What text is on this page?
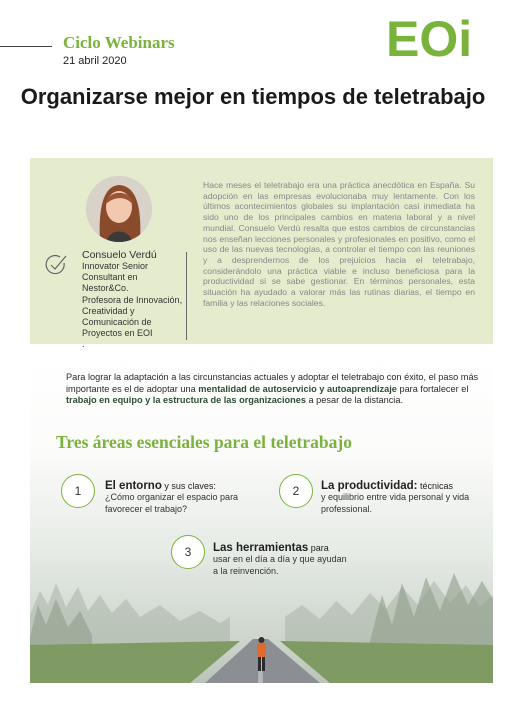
Ciclo Webinars
21 abril 2020	EOi
Organizarse mejor en tiempos de teletrabajo
Consuelo Verdú
Innovator Senior
Consultant en Nestor&Co.
Profesora de Innovación,
Creatividad y
Comunicación de
Proyectos en EOI
.
Hace meses el teletrabajo era una práctica anecdótica en España. Su adopción en las empresas evolucionaba muy lentamente. Con los últimos acontecimientos globales su implantación casi inmediata ha sido uno de los principales cambios en materia laboral y a nivel mundial. Consuelo Verdú resalta que estos cambios de circunstancias nos enseñan lecciones personales y profesionales en positivo, como el uso de las nuevas tecnologías, a controlar el tiempo con las reuniones y a desprendernos de los prejuicios hacia el teletrabajo, considerándolo una práctica viable e incluso beneficiosa para la productividad si se sabe gestionar. En términos personales, esta situación ha ayudado a valorar más las rutinas diarias, el tiempo en familia y las relaciones sociales.
Para lograr la adaptación a las circunstancias actuales y adoptar el teletrabajo con éxito, el paso más importante es el de adoptar una mentalidad de autoservicio y autoaprendizaje para fortalecer el trabajo en equipo y la estructura de las organizaciones a pesar de la distancia.
Tres áreas esenciales para el teletrabajo
1	El entorno y sus claves:
¿Cómo organizar el espacio para favorecer el trabajo?
2	La productividad: técnicas
y equilibrio entre vida personal y vida professional.
3	Las herramientas para
usar en el día a día y que ayudan a la reinvención.
